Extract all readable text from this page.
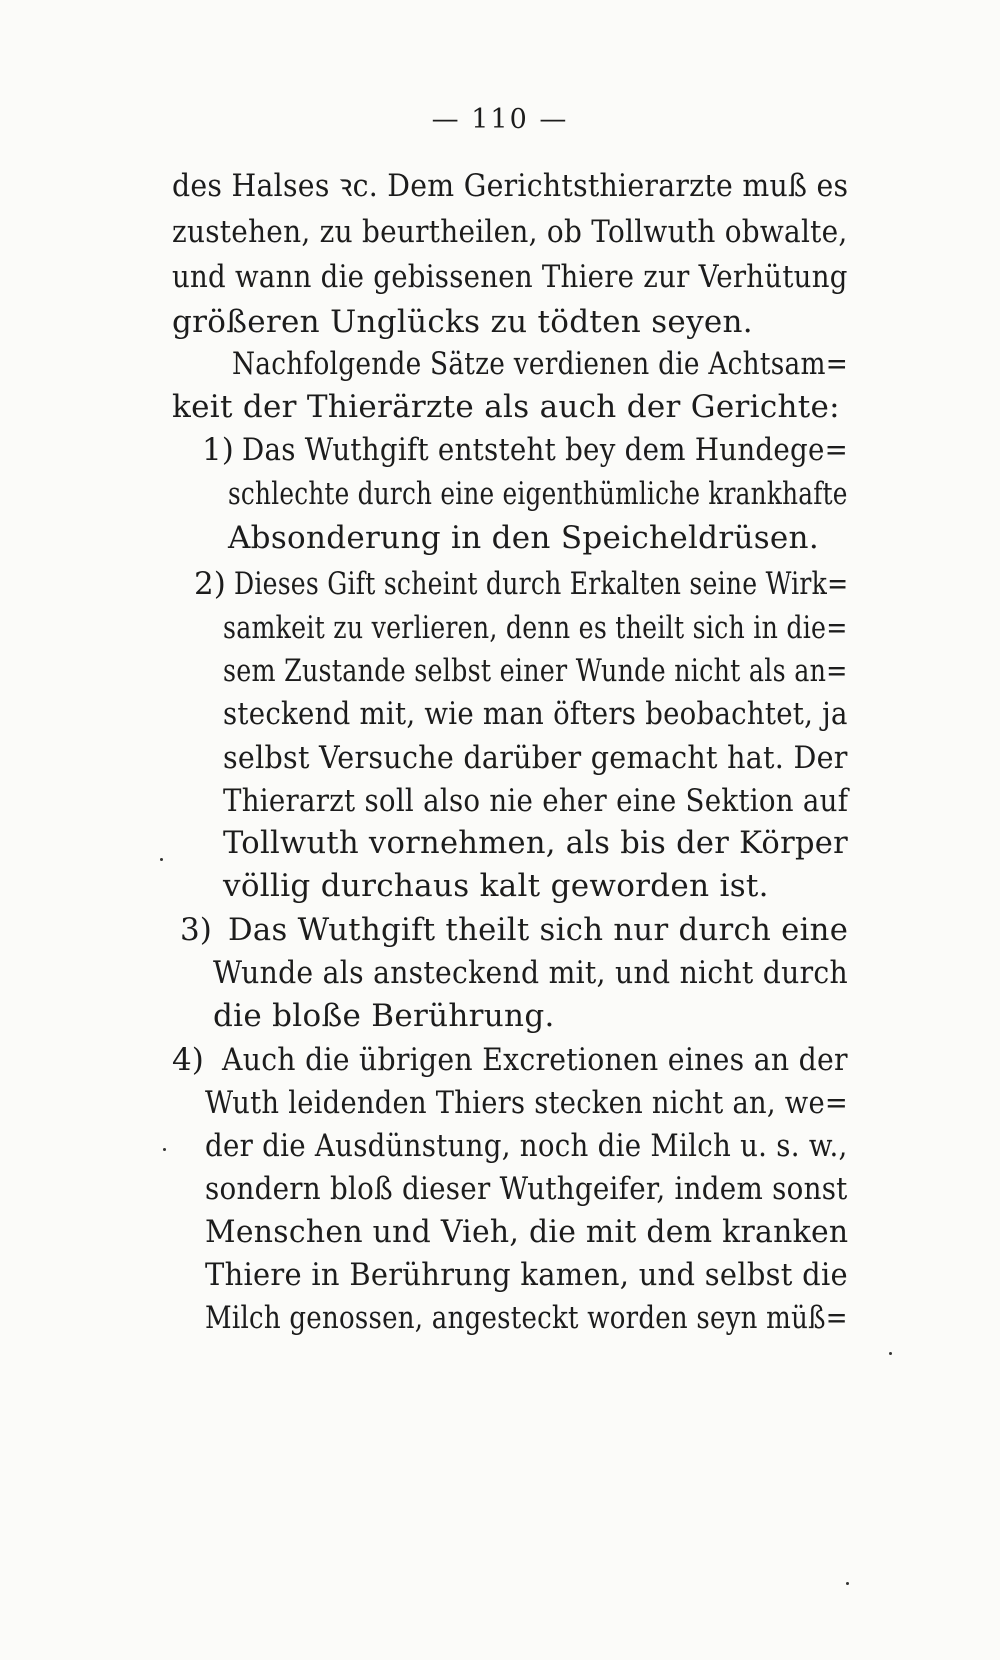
— 110 —
des Halses ꝛc. Dem Gerichtsthierarzte muß es
zustehen, zu beurtheilen, ob Tollwuth obwalte,
und wann die gebissenen Thiere zur Verhütung
größeren Unglücks zu tödten seyen.
Nachfolgende Sätze verdienen die Achtsam=
keit der Thierärzte als auch der Gerichte:
1) Das Wuthgift entsteht bey dem Hundege=
schlechte durch eine eigenthümliche krankhafte
Absonderung in den Speicheldrüsen.
2) Dieses Gift scheint durch Erkalten seine Wirk=
samkeit zu verlieren, denn es theilt sich in die=
sem Zustande selbst einer Wunde nicht als an=
steckend mit, wie man öfters beobachtet, ja
selbst Versuche darüber gemacht hat. Der
Thierarzt soll also nie eher eine Sektion auf
Tollwuth vornehmen, als bis der Körper
völlig durchaus kalt geworden ist.
3) Das Wuthgift theilt sich nur durch eine
Wunde als ansteckend mit, und nicht durch
die bloße Berührung.
4) Auch die übrigen Excretionen eines an der
Wuth leidenden Thiers stecken nicht an, we=
der die Ausdünstung, noch die Milch u. s. w.,
sondern bloß dieser Wuthgeifer, indem sonst
Menschen und Vieh, die mit dem kranken
Thiere in Berührung kamen, und selbst die
Milch genossen, angesteckt worden seyn müß=
